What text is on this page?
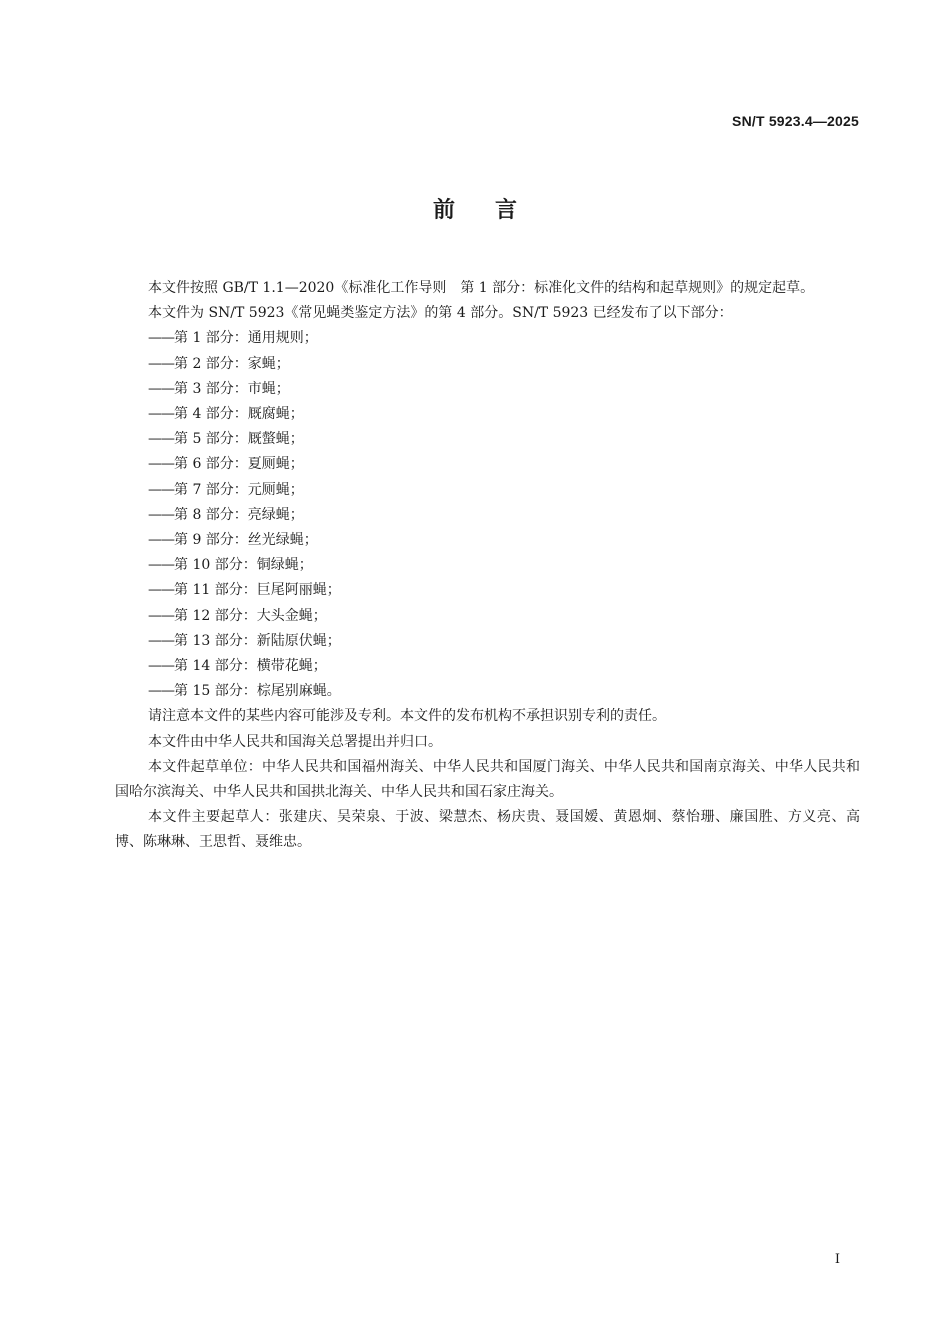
SN/T 5923.4—2025
前言

本文件按照 GB/T 1.1—2020《标准化工作导则　第 1 部分：标准化文件的结构和起草规则》的规定起草。

本文件为 SN/T 5923《常见蝇类鉴定方法》的第 4 部分。SN/T 5923 已经发布了以下部分：

——第 1 部分：通用规则；
——第 2 部分：家蝇；
——第 3 部分：市蝇；
——第 4 部分：厩腐蝇；
——第 5 部分：厩螫蝇；
——第 6 部分：夏厕蝇；
——第 7 部分：元厕蝇；
——第 8 部分：亮绿蝇；
——第 9 部分：丝光绿蝇；
——第 10 部分：铜绿蝇；
——第 11 部分：巨尾阿丽蝇；
——第 12 部分：大头金蝇；
——第 13 部分：新陆原伏蝇；
——第 14 部分：横带花蝇；
——第 15 部分：棕尾别麻蝇。

请注意本文件的某些内容可能涉及专利。本文件的发布机构不承担识别专利的责任。

本文件由中华人民共和国海关总署提出并归口。

本文件起草单位：中华人民共和国福州海关、中华人民共和国厦门海关、中华人民共和国南京海关、中华人民共和国哈尔滨海关、中华人民共和国拱北海关、中华人民共和国石家庄海关。

本文件主要起草人：张建庆、吴荣泉、于波、梁慧杰、杨庆贵、聂国嫒、黄恩炯、蔡怡珊、廉国胜、方义亮、高博、陈琳琳、王思哲、聂维忠。

I
